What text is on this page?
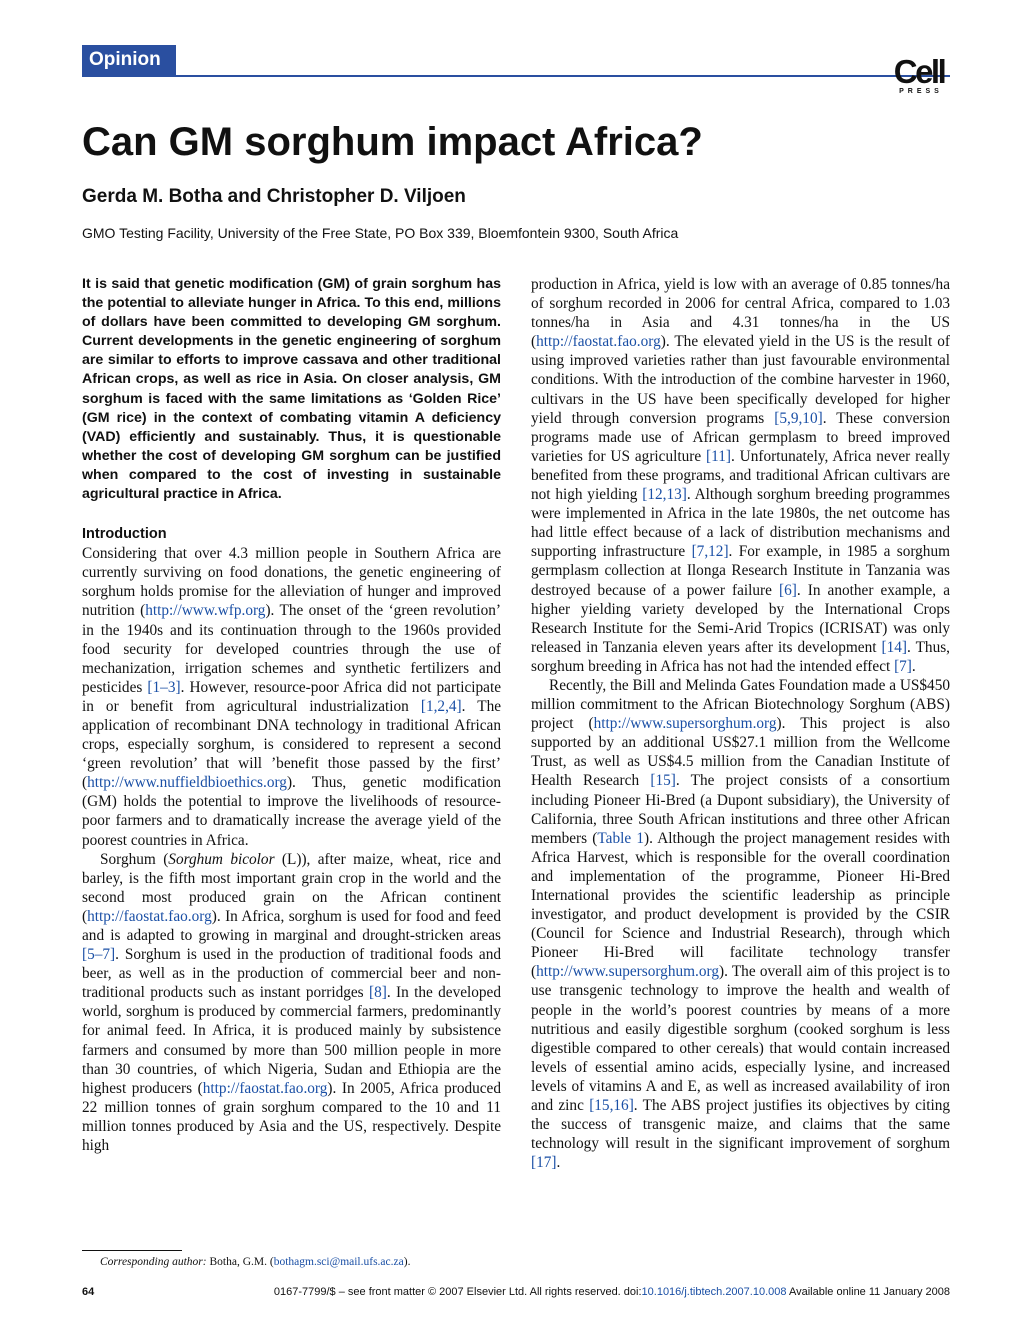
Opinion	Cell
PRESS
Can GM sorghum impact Africa?
Gerda M. Botha and Christopher D. Viljoen
GMO Testing Facility, University of the Free State, PO Box 339, Bloemfontein 9300, South Africa
It is said that genetic modification (GM) of grain sorghum has the potential to alleviate hunger in Africa. To this end, millions of dollars have been committed to developing GM sorghum. Current developments in the genetic engineering of sorghum are similar to efforts to improve cassava and other traditional African crops, as well as rice in Asia. On closer analysis, GM sorghum is faced with the same limitations as ‘Golden Rice’ (GM rice) in the context of combating vitamin A deficiency (VAD) efficiently and sustainably. Thus, it is questionable whether the cost of developing GM sorghum can be justified when compared to the cost of investing in sustainable agricultural practice in Africa.
Introduction

Considering that over 4.3 million people in Southern Africa are currently surviving on food donations, the genetic engineering of sorghum holds promise for the alleviation of hunger and improved nutrition (http://www.wfp.org). The onset of the ‘green revolution’ in the 1940s and its continuation through to the 1960s provided food security for developed countries through the use of mechanization, irrigation schemes and synthetic fertilizers and pesticides [1–3]. However, resource-poor Africa did not participate in or benefit from agricultural industrialization [1,2,4]. The application of recombinant DNA technology in traditional African crops, especially sorghum, is considered to represent a second ‘green revolution’ that will ’benefit those passed by the first’ (http://www.nuffieldbioethics.org). Thus, genetic modification (GM) holds the potential to improve the livelihoods of resource-poor farmers and to dramatically increase the average yield of the poorest countries in Africa.

Sorghum (Sorghum bicolor (L)), after maize, wheat, rice and barley, is the fifth most important grain crop in the world and the second most produced grain on the African continent (http://faostat.fao.org). In Africa, sorghum is used for food and feed and is adapted to growing in marginal and drought-stricken areas [5–7]. Sorghum is used in the production of traditional foods and beer, as well as in the production of commercial beer and non-traditional products such as instant porridges [8]. In the developed world, sorghum is produced by commercial farmers, predominantly for animal feed. In Africa, it is produced mainly by subsistence farmers and consumed by more than 500 million people in more than 30 countries, of which Nigeria, Sudan and Ethiopia are the highest producers (http://faostat.fao.org). In 2005, Africa produced 22 million tonnes of grain sorghum compared to the 10 and 11 million tonnes produced by Asia and the US, respectively. Despite high

production in Africa, yield is low with an average of 0.85 tonnes/ha of sorghum recorded in 2006 for central Africa, compared to 1.03 tonnes/ha in Asia and 4.31 tonnes/ha in the US (http://faostat.fao.org). The elevated yield in the US is the result of using improved varieties rather than just favourable environmental conditions. With the introduction of the combine harvester in 1960, cultivars in the US have been specifically developed for higher yield through conversion programs [5,9,10]. These conversion programs made use of African germplasm to breed improved varieties for US agriculture [11]. Unfortunately, Africa never really benefited from these programs, and traditional African cultivars are not high yielding [12,13]. Although sorghum breeding programmes were implemented in Africa in the late 1980s, the net outcome has had little effect because of a lack of distribution mechanisms and supporting infrastructure [7,12]. For example, in 1985 a sorghum germplasm collection at Ilonga Research Institute in Tanzania was destroyed because of a power failure [6]. In another example, a higher yielding variety developed by the International Crops Research Institute for the Semi-Arid Tropics (ICRISAT) was only released in Tanzania eleven years after its development [14]. Thus, sorghum breeding in Africa has not had the intended effect [7].

Recently, the Bill and Melinda Gates Foundation made a US$450 million commitment to the African Biotechnology Sorghum (ABS) project (http://www.supersorghum.org). This project is also supported by an additional US$27.1 million from the Wellcome Trust, as well as US$4.5 million from the Canadian Institute of Health Research [15]. The project consists of a consortium including Pioneer Hi-Bred (a Dupont subsidiary), the University of California, three South African institutions and three other African members (Table 1). Although the project management resides with Africa Harvest, which is responsible for the overall coordination and implementation of the programme, Pioneer Hi-Bred International provides the scientific leadership as principle investigator, and product development is provided by the CSIR (Council for Science and Industrial Research), through which Pioneer Hi-Bred will facilitate technology transfer (http://www.supersorghum.org). The overall aim of this project is to use transgenic technology to improve the health and wealth of people in the world’s poorest countries by means of a more nutritious and easily digestible sorghum (cooked sorghum is less digestible compared to other cereals) that would contain increased levels of essential amino acids, especially lysine, and increased levels of vitamins A and E, as well as increased availability of iron and zinc [15,16]. The ABS project justifies its objectives by citing the success of transgenic maize, and claims that the same technology will result in the significant improvement of sorghum [17].

Corresponding author: Botha, G.M. (bothagm.sci@mail.ufs.ac.za).
64	0167-7799/$ – see front matter © 2007 Elsevier Ltd. All rights reserved. doi:10.1016/j.tibtech.2007.10.008 Available online 11 January 2008
